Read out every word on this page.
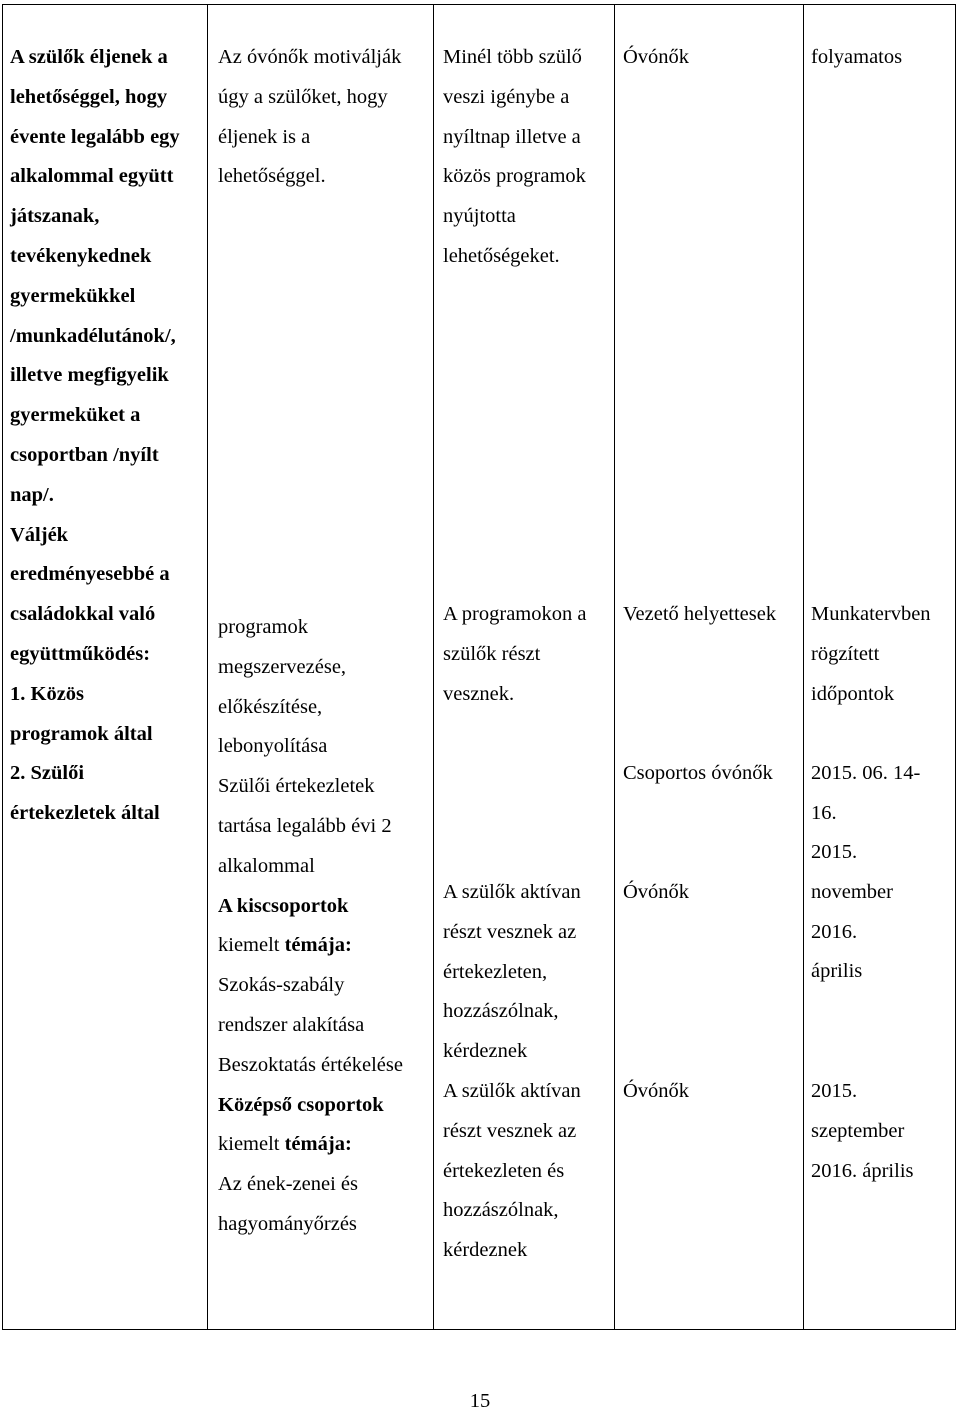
A szülők éljenek a
lehetőséggel, hogy
évente legalább egy
alkalommal együtt
játszanak,
tevékenykednek
gyermekükkel
/munkadélutánok/,
illetve megfigyelik
gyermeküket a
csoportban /nyílt
nap/.
Váljék
eredményesebbé a
családokkal való
együttműködés:
1. Közös
programok által
2. Szülői
értekezletek által
Az óvónők motiválják
úgy a szülőket, hogy
éljenek is a
lehetőséggel.
programok
megszervezése,
előkészítése,
lebonyolítása
Szülői értekezletek
tartása legalább évi 2
alkalommal
A kiscsoportok
kiemelt témája:
Szokás-szabály
rendszer alakítása
Beszoktatás értékelése
Középső csoportok
kiemelt témája:
Az ének-zenei és
hagyományőrzés
Minél több szülő
veszi igénybe a
nyíltnap illetve a
közös programok
nyújtotta
lehetőségeket.
A programokon a
szülők részt
vesznek.
A szülők aktívan
részt vesznek az
értekezleten,
hozzászólnak,
kérdeznek
A szülők aktívan
részt vesznek az
értekezleten és
hozzászólnak,
kérdeznek
Óvónők
Vezető helyettesek
Csoportos óvónők
Óvónők
Óvónők
folyamatos
Munkatervben
rögzített
időpontok
2015. 06. 14-
16.
2015.
november
2016.
április
2015.
szeptember
2016. április
15
